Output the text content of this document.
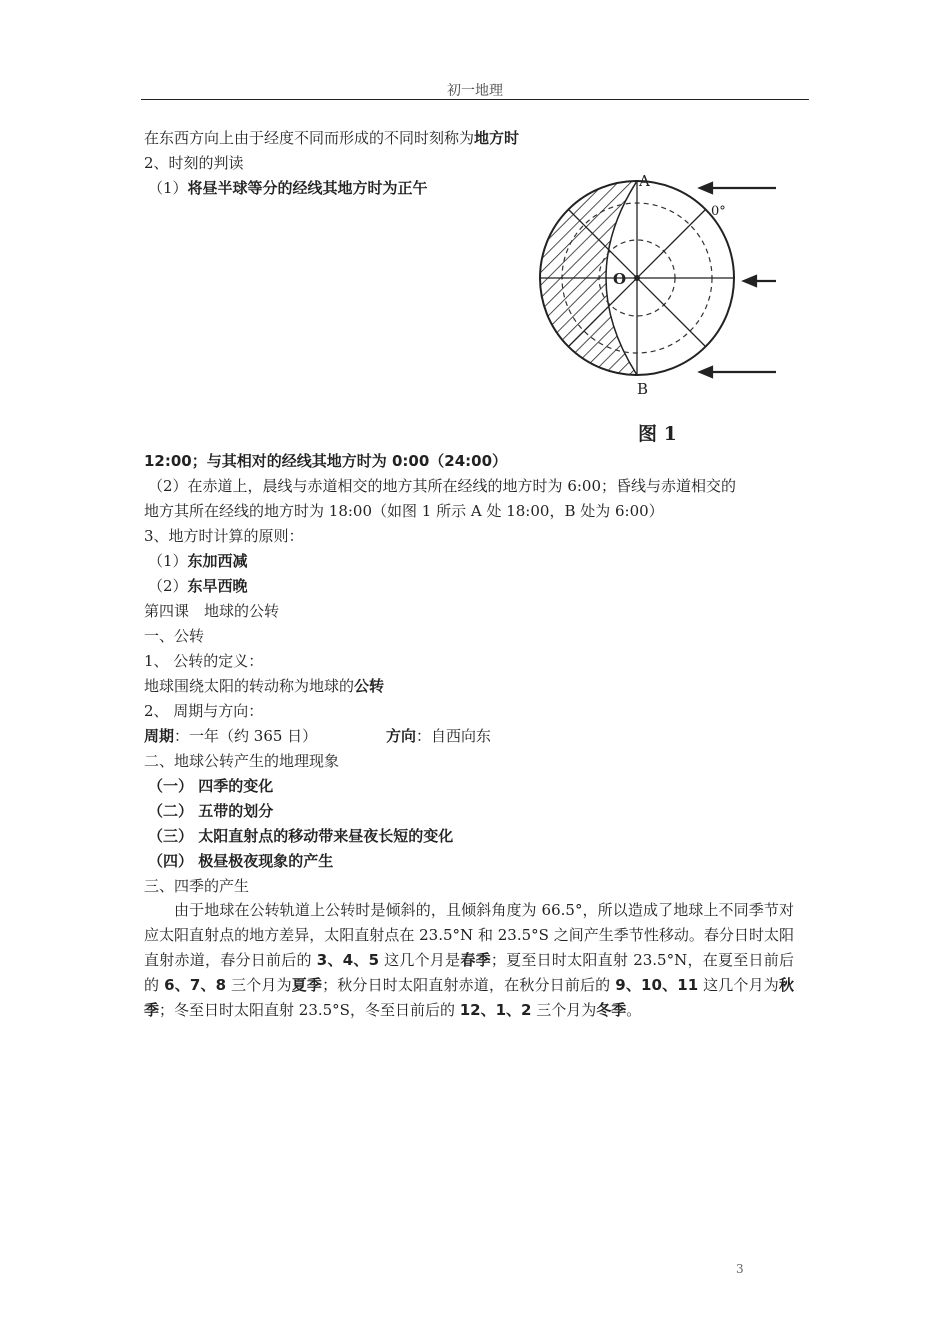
初一地理
在东西方向上由于经度不同而形成的不同时刻称为地方时
2、时刻的判读
（1）将昼半球等分的经线其地方时为正午	A
B
O
0°
图 1
12:00；与其相对的经线其地方时为 0:00（24:00）
（2）在赤道上，晨线与赤道相交的地方其所在经线的地方时为 6:00；昏线与赤道相交的
地方其所在经线的地方时为 18:00（如图 1 所示 A 处 18:00，B 处为 6:00）
3、地方时计算的原则：
（1）东加西减
（2）东早西晚
第四课　地球的公转
一、公转
1、 公转的定义：
地球围绕太阳的转动称为地球的公转
2、 周期与方向：
周期：一年（约 365 日）	方向：自西向东
二、地球公转产生的地理现象
（一） 四季的变化
（二） 五带的划分
（三） 太阳直射点的移动带来昼夜长短的变化
（四） 极昼极夜现象的产生
三、四季的产生
由于地球在公转轨道上公转时是倾斜的，且倾斜角度为 66.5°，所以造成了地球上不同季节对应太阳直射点的地方差异，太阳直射点在 23.5°N 和 23.5°S 之间产生季节性移动。春分日时太阳直射赤道，春分日前后的 3、4、5 这几个月是春季；夏至日时太阳直射 23.5°N，在夏至日前后的 6、7、8 三个月为夏季；秋分日时太阳直射赤道，在秋分日前后的 9、10、11 这几个月为秋季；冬至日时太阳直射 23.5°S，冬至日前后的 12、1、2 三个月为冬季。
3
